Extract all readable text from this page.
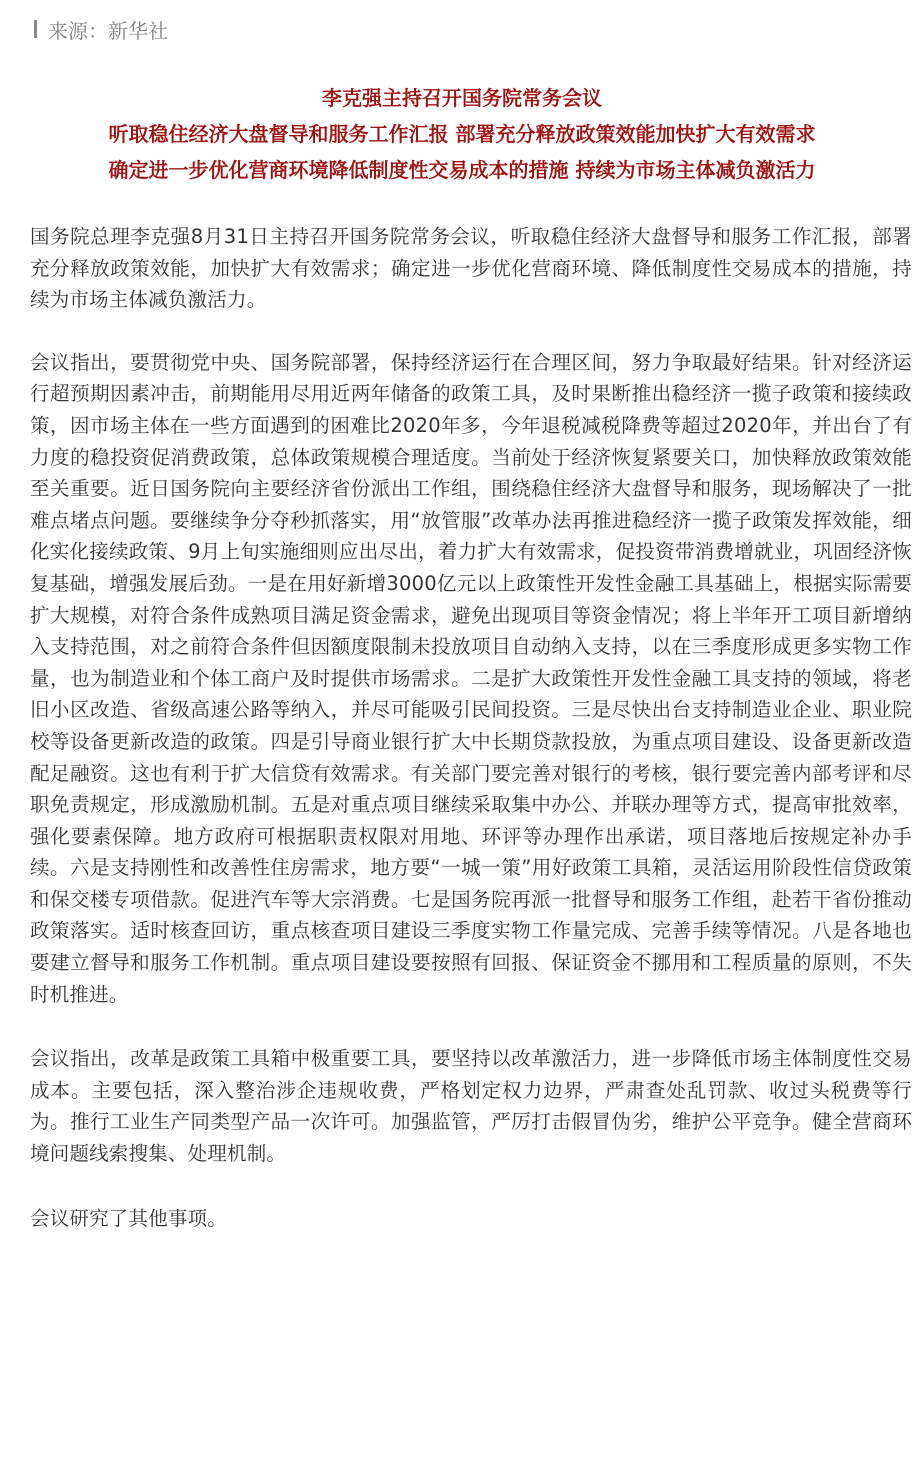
来源：新华社
李克强主持召开国务院常务会议
听取稳住经济大盘督导和服务工作汇报 部署充分释放政策效能加快扩大有效需求
确定进一步优化营商环境降低制度性交易成本的措施 持续为市场主体减负激活力

国务院总理李克强8月31日主持召开国务院常务会议，听取稳住经济大盘督导和服务工作汇报，部署充分释放政策效能，加快扩大有效需求；确定进一步优化营商环境、降低制度性交易成本的措施，持续为市场主体减负激活力。

会议指出，要贯彻党中央、国务院部署，保持经济运行在合理区间，努力争取最好结果。针对经济运行超预期因素冲击，前期能用尽用近两年储备的政策工具，及时果断推出稳经济一揽子政策和接续政策，因市场主体在一些方面遇到的困难比2020年多，今年退税减税降费等超过2020年，并出台了有力度的稳投资促消费政策，总体政策规模合理适度。当前处于经济恢复紧要关口，加快释放政策效能至关重要。近日国务院向主要经济省份派出工作组，围绕稳住经济大盘督导和服务，现场解决了一批难点堵点问题。要继续争分夺秒抓落实，用“放管服”改革办法再推进稳经济一揽子政策发挥效能，细化实化接续政策、9月上旬实施细则应出尽出，着力扩大有效需求，促投资带消费增就业，巩固经济恢复基础，增强发展后劲。一是在用好新增3000亿元以上政策性开发性金融工具基础上，根据实际需要扩大规模，对符合条件成熟项目满足资金需求，避免出现项目等资金情况；将上半年开工项目新增纳入支持范围，对之前符合条件但因额度限制未投放项目自动纳入支持，以在三季度形成更多实物工作量，也为制造业和个体工商户及时提供市场需求。二是扩大政策性开发性金融工具支持的领域，将老旧小区改造、省级高速公路等纳入，并尽可能吸引民间投资。三是尽快出台支持制造业企业、职业院校等设备更新改造的政策。四是引导商业银行扩大中长期贷款投放，为重点项目建设、设备更新改造配足融资。这也有利于扩大信贷有效需求。有关部门要完善对银行的考核，银行要完善内部考评和尽职免责规定，形成激励机制。五是对重点项目继续采取集中办公、并联办理等方式，提高审批效率，强化要素保障。地方政府可根据职责权限对用地、环评等办理作出承诺，项目落地后按规定补办手续。六是支持刚性和改善性住房需求，地方要“一城一策”用好政策工具箱，灵活运用阶段性信贷政策和保交楼专项借款。促进汽车等大宗消费。七是国务院再派一批督导和服务工作组，赴若干省份推动政策落实。适时核查回访，重点核查项目建设三季度实物工作量完成、完善手续等情况。八是各地也要建立督导和服务工作机制。重点项目建设要按照有回报、保证资金不挪用和工程质量的原则，不失时机推进。

会议指出，改革是政策工具箱中极重要工具，要坚持以改革激活力，进一步降低市场主体制度性交易成本。主要包括，深入整治涉企违规收费，严格划定权力边界，严肃查处乱罚款、收过头税费等行为。推行工业生产同类型产品一次许可。加强监管，严厉打击假冒伪劣，维护公平竞争。健全营商环境问题线索搜集、处理机制。

会议研究了其他事项。
